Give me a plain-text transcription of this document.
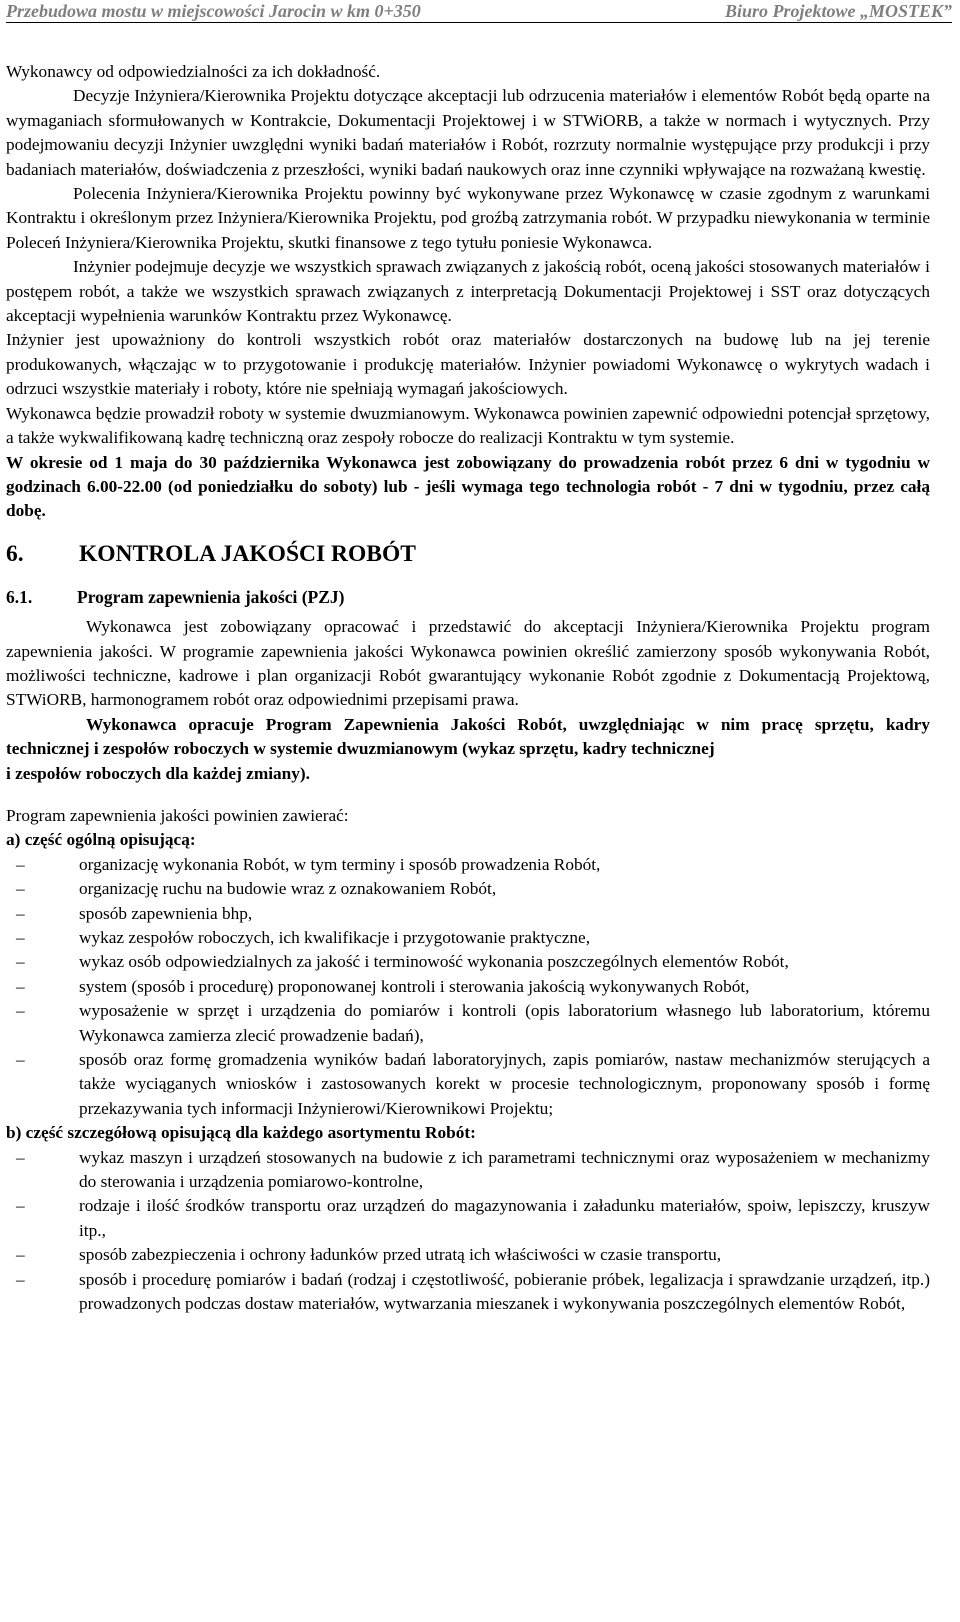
Przebudowa mostu w miejscowości Jarocin w km 0+350	Biuro Projektowe „MOSTEK”

Wykonawcy od odpowiedzialności za ich dokładność.

Decyzje Inżyniera/Kierownika Projektu dotyczące akceptacji lub odrzucenia materiałów i elementów Robót będą oparte na wymaganiach sformułowanych w Kontrakcie, Dokumentacji Projektowej i w STWiORB, a także w normach i wytycznych. Przy podejmowaniu decyzji Inżynier uwzględni wyniki badań materiałów i Robót, rozrzuty normalnie występujące przy produkcji i przy badaniach materiałów, doświadczenia z przeszłości, wyniki badań naukowych oraz inne czynniki wpływające na rozważaną kwestię.

Polecenia Inżyniera/Kierownika Projektu powinny być wykonywane przez Wykonawcę w czasie zgodnym z warunkami Kontraktu i określonym przez Inżyniera/Kierownika Projektu, pod groźbą zatrzymania robót. W przypadku niewykonania w terminie Poleceń Inżyniera/Kierownika Projektu, skutki finansowe z tego tytułu poniesie Wykonawca.

Inżynier podejmuje decyzje we wszystkich sprawach związanych z jakością robót, oceną jakości stosowanych materiałów i postępem robót, a także we wszystkich sprawach związanych z interpretacją Dokumentacji Projektowej i SST oraz dotyczących akceptacji wypełnienia warunków Kontraktu przez Wykonawcę.

Inżynier jest upoważniony do kontroli wszystkich robót oraz materiałów dostarczonych na budowę lub na jej terenie produkowanych, włączając w to przygotowanie i produkcję materiałów. Inżynier powiadomi Wykonawcę o wykrytych wadach i odrzuci wszystkie materiały i roboty, które nie spełniają wymagań jakościowych.

Wykonawca będzie prowadził roboty w systemie dwuzmianowym. Wykonawca powinien zapewnić odpowiedni potencjał sprzętowy, a także wykwalifikowaną kadrę techniczną oraz zespoły robocze do realizacji Kontraktu w tym systemie.

W okresie od 1 maja do 30 października Wykonawca jest zobowiązany do prowadzenia robót przez 6 dni w tygodniu w godzinach 6.00-22.00 (od poniedziałku do soboty) lub - jeśli wymaga tego technologia robót - 7 dni w tygodniu, przez całą dobę.

6. KONTROLA JAKOŚCI ROBÓT
6.1.	Program zapewnienia jakości (PZJ)

Wykonawca jest zobowiązany opracować i przedstawić do akceptacji Inżyniera/Kierownika Projektu program zapewnienia jakości. W programie zapewnienia jakości Wykonawca powinien określić zamierzony sposób wykonywania Robót, możliwości techniczne, kadrowe i plan organizacji Robót gwarantujący wykonanie Robót zgodnie z Dokumentacją Projektową, STWiORB, harmonogramem robót oraz odpowiednimi przepisami prawa.

Wykonawca opracuje Program Zapewnienia Jakości Robót, uwzględniając w nim pracę sprzętu, kadry technicznej i zespołów roboczych w systemie dwuzmianowym (wykaz sprzętu, kadry technicznej

i zespołów roboczych dla każdej zmiany).

Program zapewnienia jakości powinien zawierać:

a) część ogólną opisującą:

–	organizację wykonania Robót, w tym terminy i sposób prowadzenia Robót,
–	organizację ruchu na budowie wraz z oznakowaniem Robót,
–	sposób zapewnienia bhp,
–	wykaz zespołów roboczych, ich kwalifikacje i przygotowanie praktyczne,
–	wykaz osób odpowiedzialnych za jakość i terminowość wykonania poszczególnych elementów Robót,
–	system (sposób i procedurę) proponowanej kontroli i sterowania jakością wykonywanych Robót,
–	wyposażenie w sprzęt i urządzenia do pomiarów i kontroli (opis laboratorium własnego lub laboratorium, któremu Wykonawca zamierza zlecić prowadzenie badań),
–	sposób oraz formę gromadzenia wyników badań laboratoryjnych, zapis pomiarów, nastaw mechanizmów sterujących a także wyciąganych wniosków i zastosowanych korekt w procesie technologicznym, proponowany sposób i formę przekazywania tych informacji Inżynierowi/Kierownikowi Projektu;

b) część szczegółową opisującą dla każdego asortymentu Robót:

–	wykaz maszyn i urządzeń stosowanych na budowie z ich parametrami technicznymi oraz wyposażeniem w mechanizmy do sterowania i urządzenia pomiarowo-kontrolne,
–	rodzaje i ilość środków transportu oraz urządzeń do magazynowania i załadunku materiałów, spoiw, lepiszczy, kruszyw itp.,
–	sposób zabezpieczenia i ochrony ładunków przed utratą ich właściwości w czasie transportu,
–	sposób i procedurę pomiarów i badań (rodzaj i częstotliwość, pobieranie próbek, legalizacja i sprawdzanie urządzeń, itp.) prowadzonych podczas dostaw materiałów, wytwarzania mieszanek i wykonywania poszczególnych elementów Robót,
